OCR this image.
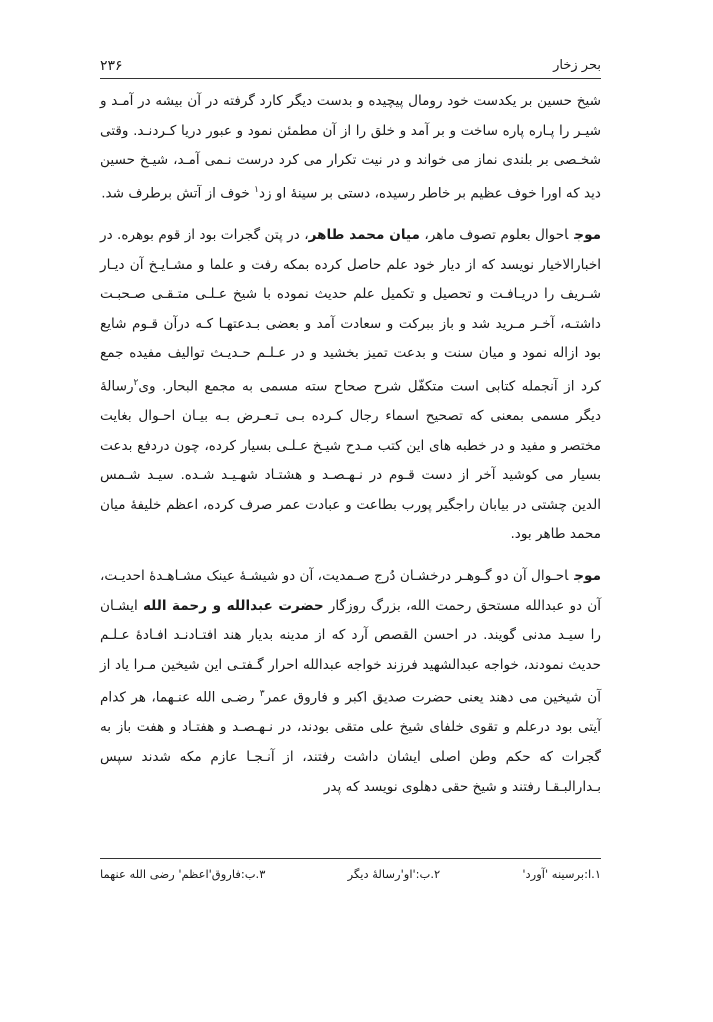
بحر زخار
۲۳۶

شیخ حسین بر یکدست خود رومال پیچیده و بدست دیگر کارد گرفته در آن بیشه در آمـد و شیـر را پـاره پاره ساخت و بر آمد و خلق را از آن مطمئن نمود و عبور دریا کـردنـد. وقتی شخـصی بر بلندی نماز می خواند و در نیت تکرار می کرد درست نـمی آمـد، شیـخ حسین دید که اورا خوف عظیم بر خاطر رسیده، دستی بر سینهٔ او زد$^١$ خوف از آتش برطرف شد.

موجاحوال بعلوم تصوف ماهر، میان محمد طاهر، در پتن گجرات بود از قوم بوهره. در اخبارالاخیار نویسد که از دیار خود علم حاصل کرده بمکه رفت و علما و مشـایـخ آن دیـار شـریف را دریـافـت و تحصیل و تکمیل علم حدیث نموده با شیخ عـلـی متـقـی صـحبـت داشتـه، آخـر مـرید شد و باز ببرکت و سعادت آمد و بعضی بـدعتهـا کـه درآن قـوم شایع بود ازاله نمود و میان سنت و بدعت تمیز بخشید و در عـلـم حـدیـث توالیف مفیده جمع کرد از آنجمله کتابی است متکفّل شرح صحاح سته مسمی به مجمع البحار. وی$^٢$رسالهٔ دیگر مسمی بمعنی که تصحیح اسماء رجال کـرده بـی تـعـرض بـه بیـان احـوال بغایت مختصر و مفید و در خطبه های این کتب مـدح شیـخ عـلـی بسیار کرده، چون دردفع بدعت بسیار می کوشید آخر از دست قـوم در نـهـصـد و هشتـاد شهـیـد شـده. سیـد شـمس الدین چشتی در بیابان راجگیر پورب بطاعت و عبادت عمر صرف کرده، اعظم خلیفهٔ میان محمد طاهر بود.

موجاحـوال آن دو گـوهـر درخشـان دُرج صـمدیت، آن دو شیشـهٔ عینک مشـاهـدهٔ احدیـت، آن دو عبدالله مستحق رحمت الله، بزرگ روزگار حضرت عبدالله و رحمة الله ایشـان را سیـد مدنی گویند. در احسن القصص آرد که از مدینه بدیار هند افتـادنـد افـادهٔ عـلـم حدیث نمودند، خواجه عبدالشهید فرزند خواجه عبدالله احرار گـفتـی این شیخین مـرا یاد از آن شیخین می دهند یعنی حضرت صدیق اکبر و فاروق عمر$^٣$ رضـی الله عنـهما، هر کدام آیتی بود درعلم و تقوی خلفای شیخ علی متقی بودند، در نـهـصـد و هفتـاد و هفت باز به گجرات که حکم وطن اصلی ایشان داشت رفتند، از آنـجـا عازم مکه شدند سپس بـدارالبـقـا رفتند و شیخ حقی دهلوی نویسد که پدر

١.ا:برسینه 'آورد'
٢.ب:'او'رسالهٔ دیگر
٣.ب:فاروق'اعظم' رضی الله عنهما
